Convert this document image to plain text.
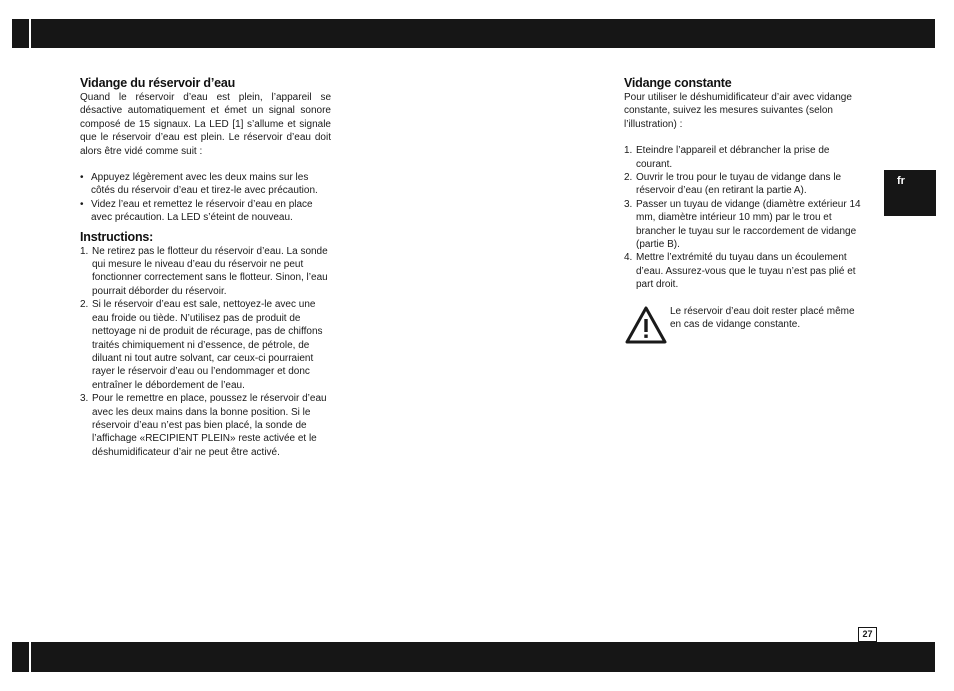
Vidange du réservoir d’eau

Quand le réservoir d’eau est plein, l’appareil se désactive automatiquement et émet un signal sonore composé de 15 signaux. La LED [1] s’allume et signale que le réservoir d’eau est plein. Le réservoir d’eau doit alors être vidé comme suit :

• Appuyez légèrement avec les deux mains sur les côtés du réservoir d’eau et tirez-le avec précaution.
• Videz l’eau et remettez le réservoir d’eau en place avec précaution. La LED s’éteint de nouveau.
Instructions:
1. Ne retirez pas le flotteur du réservoir d’eau. La sonde qui mesure le niveau d’eau du réservoir ne peut fonctionner correctement sans le flotteur. Sinon, l’eau pourrait déborder du réservoir.
2. Si le réservoir d’eau est sale, nettoyez-le avec une eau froide ou tiède. N’utilisez pas de produit de nettoyage ni de produit de récurage, pas de chiffons traités chimiquement ni d’essence, de pétrole, de diluant ni tout autre solvant, car ceux-ci pourraient rayer le réservoir d’eau ou l’endommager et donc entraîner le débordement de l’eau.
3. Pour le remettre en place, poussez le réservoir d’eau avec les deux mains dans la bonne position. Si le réservoir d’eau n’est pas bien placé, la sonde de l’affichage «RECIPIENT PLEIN» reste activée et le déshumidificateur d’air ne peut être activé.
Vidange constante

Pour utiliser le déshumidificateur d’air avec vidange constante, suivez les mesures suivantes (selon l’illustration) :

1. Eteindre l’appareil et débrancher la prise de courant.
2. Ouvrir le trou pour le tuyau de vidange dans le réservoir d’eau (en retirant la partie A).
3. Passer un tuyau de vidange (diamètre extérieur 14 mm, diamètre intérieur 10 mm) par le trou et brancher le tuyau sur le raccordement de vidange (partie B).
4. Mettre l’extrémité du tuyau dans un écoulement d’eau. Assurez-vous que le tuyau n’est pas plié et part droit.
Le réservoir d’eau doit rester placé même en cas de vidange constante.
fr
27
